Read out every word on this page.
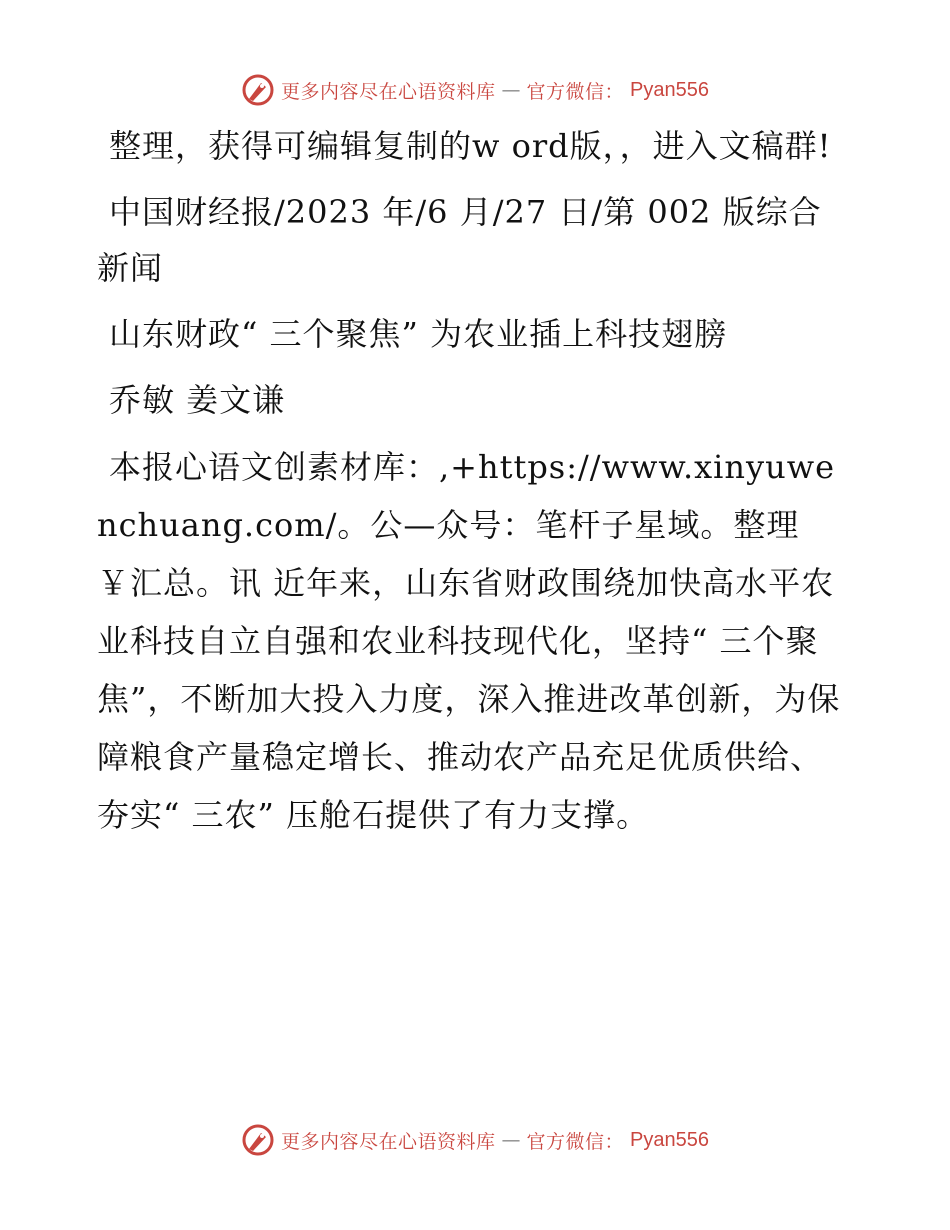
更多内容尽在心语资料库 — 官方微信： Pyan556

整理，获得可编辑复制的w ord版，，进入文稿群!

中国财经报/2023 年/6 月/27 日/第 002 版综合新闻

山东财政“ 三个聚焦” 为农业插上科技翅膀

乔敏 姜文谦

本报心语文创素材库：,+https://www.xinyuwenchuang.com/。公—众号：笔杆子星域。整理￥汇总。讯 近年来，山东省财政围绕加快高水平农业科技自立自强和农业科技现代化，坚持“ 三个聚焦”，不断加大投入力度，深入推进改革创新，为保障粮食产量稳定增长、推动农产品充足优质供给、夯实“ 三农” 压舱石提供了有力支撑。

更多内容尽在心语资料库 — 官方微信： Pyan556
